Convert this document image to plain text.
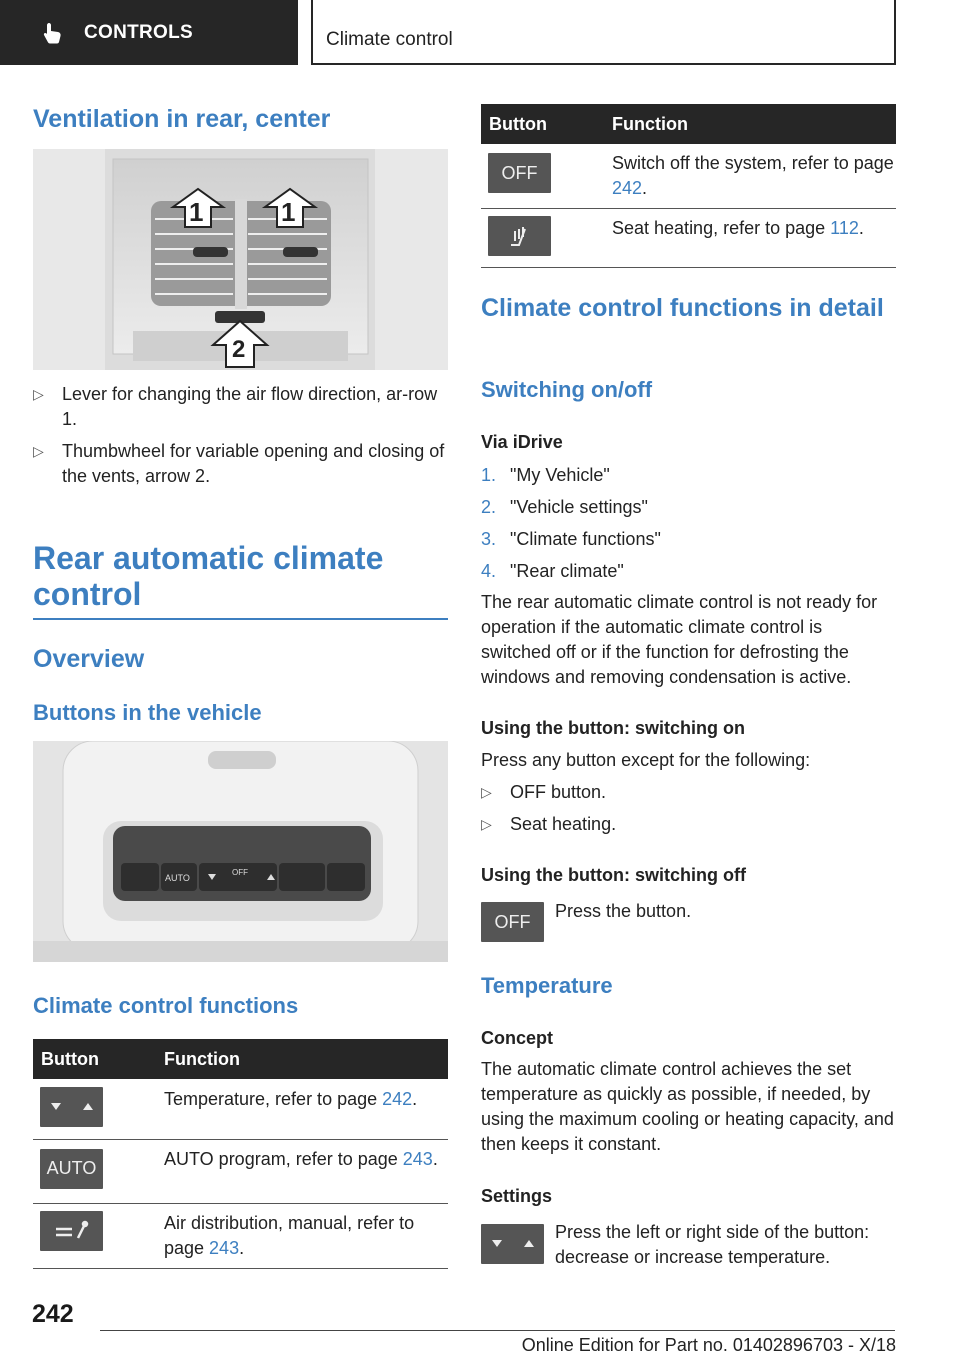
CONTROLS	Climate control
Ventilation in rear, center
1	1
2
▷ Lever for changing the air flow direction, ar-row 1.
▷ Thumbwheel for variable opening and closing of the vents, arrow 2.
Rear automatic climate control
Overview
Buttons in the vehicle
AUTO
OFF
Climate control functions
Button	Function

	Temperature, refer to page 242.

AUTO	AUTO program, refer to page 243.

	Air distribution, manual, refer to page 243.
Button	Function

OFF	Switch off the system, refer to page 242.

	Seat heating, refer to page 112.
Climate control functions in detail
Switching on/off
Via iDrive
1. "My Vehicle"
2. "Vehicle settings"
3. "Climate functions"
4. "Rear climate"

The rear automatic climate control is not ready for operation if the automatic climate control is switched off or if the function for defrosting the windows and removing condensation is active.

Using the button: switching on

Press any button except for the following:

▷ OFF button.
▷ Seat heating.
Using the button: switching off
OFF

Press the button.

Temperature
Concept

The automatic climate control achieves the set temperature as quickly as possible, if needed, by using the maximum cooling or heating capacity, and then keeps it constant.

Settings

Press the left or right side of the button: decrease or increase temperature.

242
Online Edition for Part no. 01402896703 - X/18
